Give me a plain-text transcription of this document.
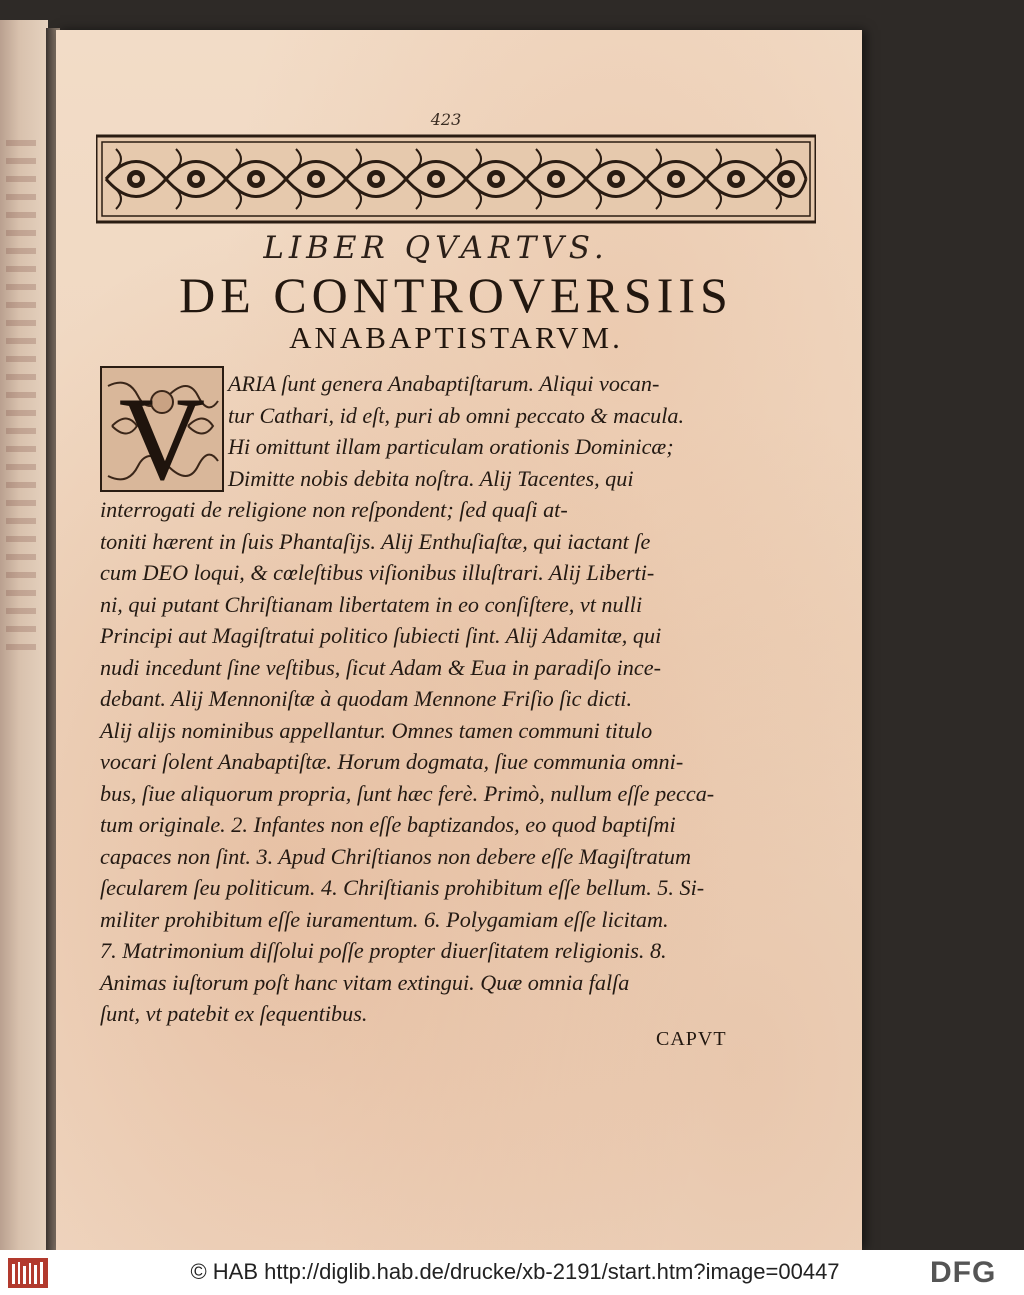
423
LIBER QVARTVS.
DE CONTROVERSIIS
ANABAPTISTARVM.
V	ARIA ſunt genera Anabaptiſtarum. Aliqui vocan-
tur Cathari, id eſt, puri ab omni peccato & macula.
Hi omittunt illam particulam orationis Dominicæ;
Dimitte nobis debita noſtra. Alij Tacentes, qui
interrogati de religione non reſpondent; ſed quaſi at-
toniti hærent in ſuis Phantaſijs. Alij Enthuſiaſtæ, qui iactant ſe
cum DEO loqui, & cœleſtibus viſionibus illuſtrari. Alij Liberti-
ni, qui putant Chriſtianam libertatem in eo conſiſtere, vt nulli
Principi aut Magiſtratui politico ſubiecti ſint. Alij Adamitæ, qui
nudi incedunt ſine veſtibus, ſicut Adam & Eua in paradiſo ince-
debant. Alij Mennoniſtæ à quodam Mennone Friſio ſic dicti.
Alij alijs nominibus appellantur. Omnes tamen communi titulo
vocari ſolent Anabaptiſtæ. Horum dogmata, ſiue communia omni-
bus, ſiue aliquorum propria, ſunt hæc ferè. Primò, nullum eſſe pecca-
tum originale. 2. Infantes non eſſe baptizandos, eo quod baptiſmi
capaces non ſint. 3. Apud Chriſtianos non debere eſſe Magiſtratum
ſecularem ſeu politicum. 4. Chriſtianis prohibitum eſſe bellum. 5. Si-
militer prohibitum eſſe iuramentum. 6. Polygamiam eſſe licitam.
7. Matrimonium diſſolui poſſe propter diuerſitatem religionis. 8.
Animas iuſtorum poſt hanc vitam extingui. Quæ omnia falſa
ſunt, vt patebit ex ſequentibus.
CAPVT
© HAB http://diglib.hab.de/drucke/xb-2191/start.htm?image=00447	DFG
